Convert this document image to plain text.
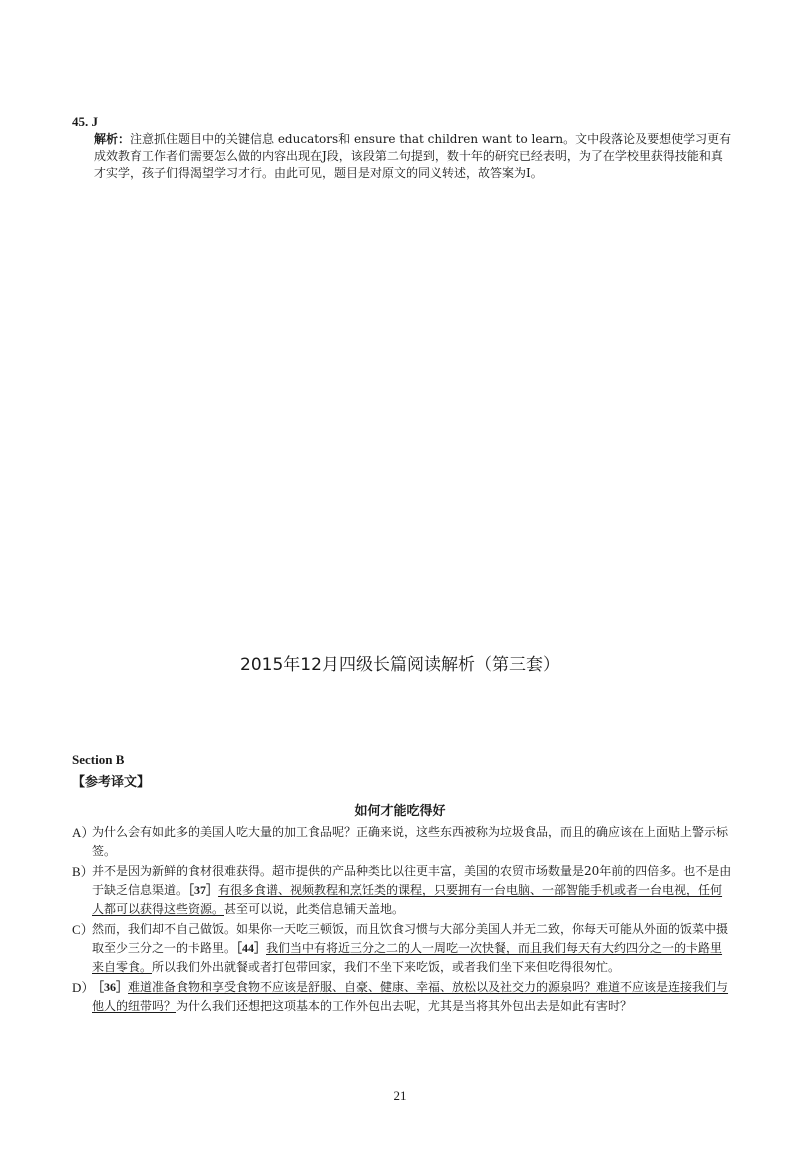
45. J
解析：注意抓住题目中的关键信息 educators和 ensure that children want to learn。文中段落论及要想使学习更有成效教育工作者们需要怎么做的内容出现在J段，该段第二句提到，数十年的研究已经表明，为了在学校里获得技能和真才实学，孩子们得渴望学习才行。由此可见，题目是对原文的同义转述，故答案为I。
2015年12月四级长篇阅读解析（第三套）
Section B
【参考译文】
如何才能吃得好
A）
为什么会有如此多的美国人吃大量的加工食品呢？正确来说，这些东西被称为垃圾食品，而且的确应该在上面贴上警示标签。
B）
并不是因为新鲜的食材很难获得。超市提供的产品种类比以往更丰富，美国的农贸市场数量是20年前的四倍多。也不是由于缺乏信息渠道。［37］有很多食谱、视频教程和烹饪类的课程，只要拥有一台电脑、一部智能手机或者一台电视，任何人都可以获得这些资源。甚至可以说，此类信息铺天盖地。
C）
然而，我们却不自己做饭。如果你一天吃三顿饭，而且饮食习惯与大部分美国人并无二致，你每天可能从外面的饭菜中摄取至少三分之一的卡路里。［44］我们当中有将近三分之二的人一周吃一次快餐，而且我们每天有大约四分之一的卡路里来自零食。所以我们外出就餐或者打包带回家，我们不坐下来吃饭，或者我们坐下来但吃得很匆忙。
D）
［36］难道准备食物和享受食物不应该是舒服、自豪、健康、幸福、放松以及社交力的源泉吗？难道不应该是连接我们与他人的纽带吗？为什么我们还想把这项基本的工作外包出去呢，尤其是当将其外包出去是如此有害时？
21
